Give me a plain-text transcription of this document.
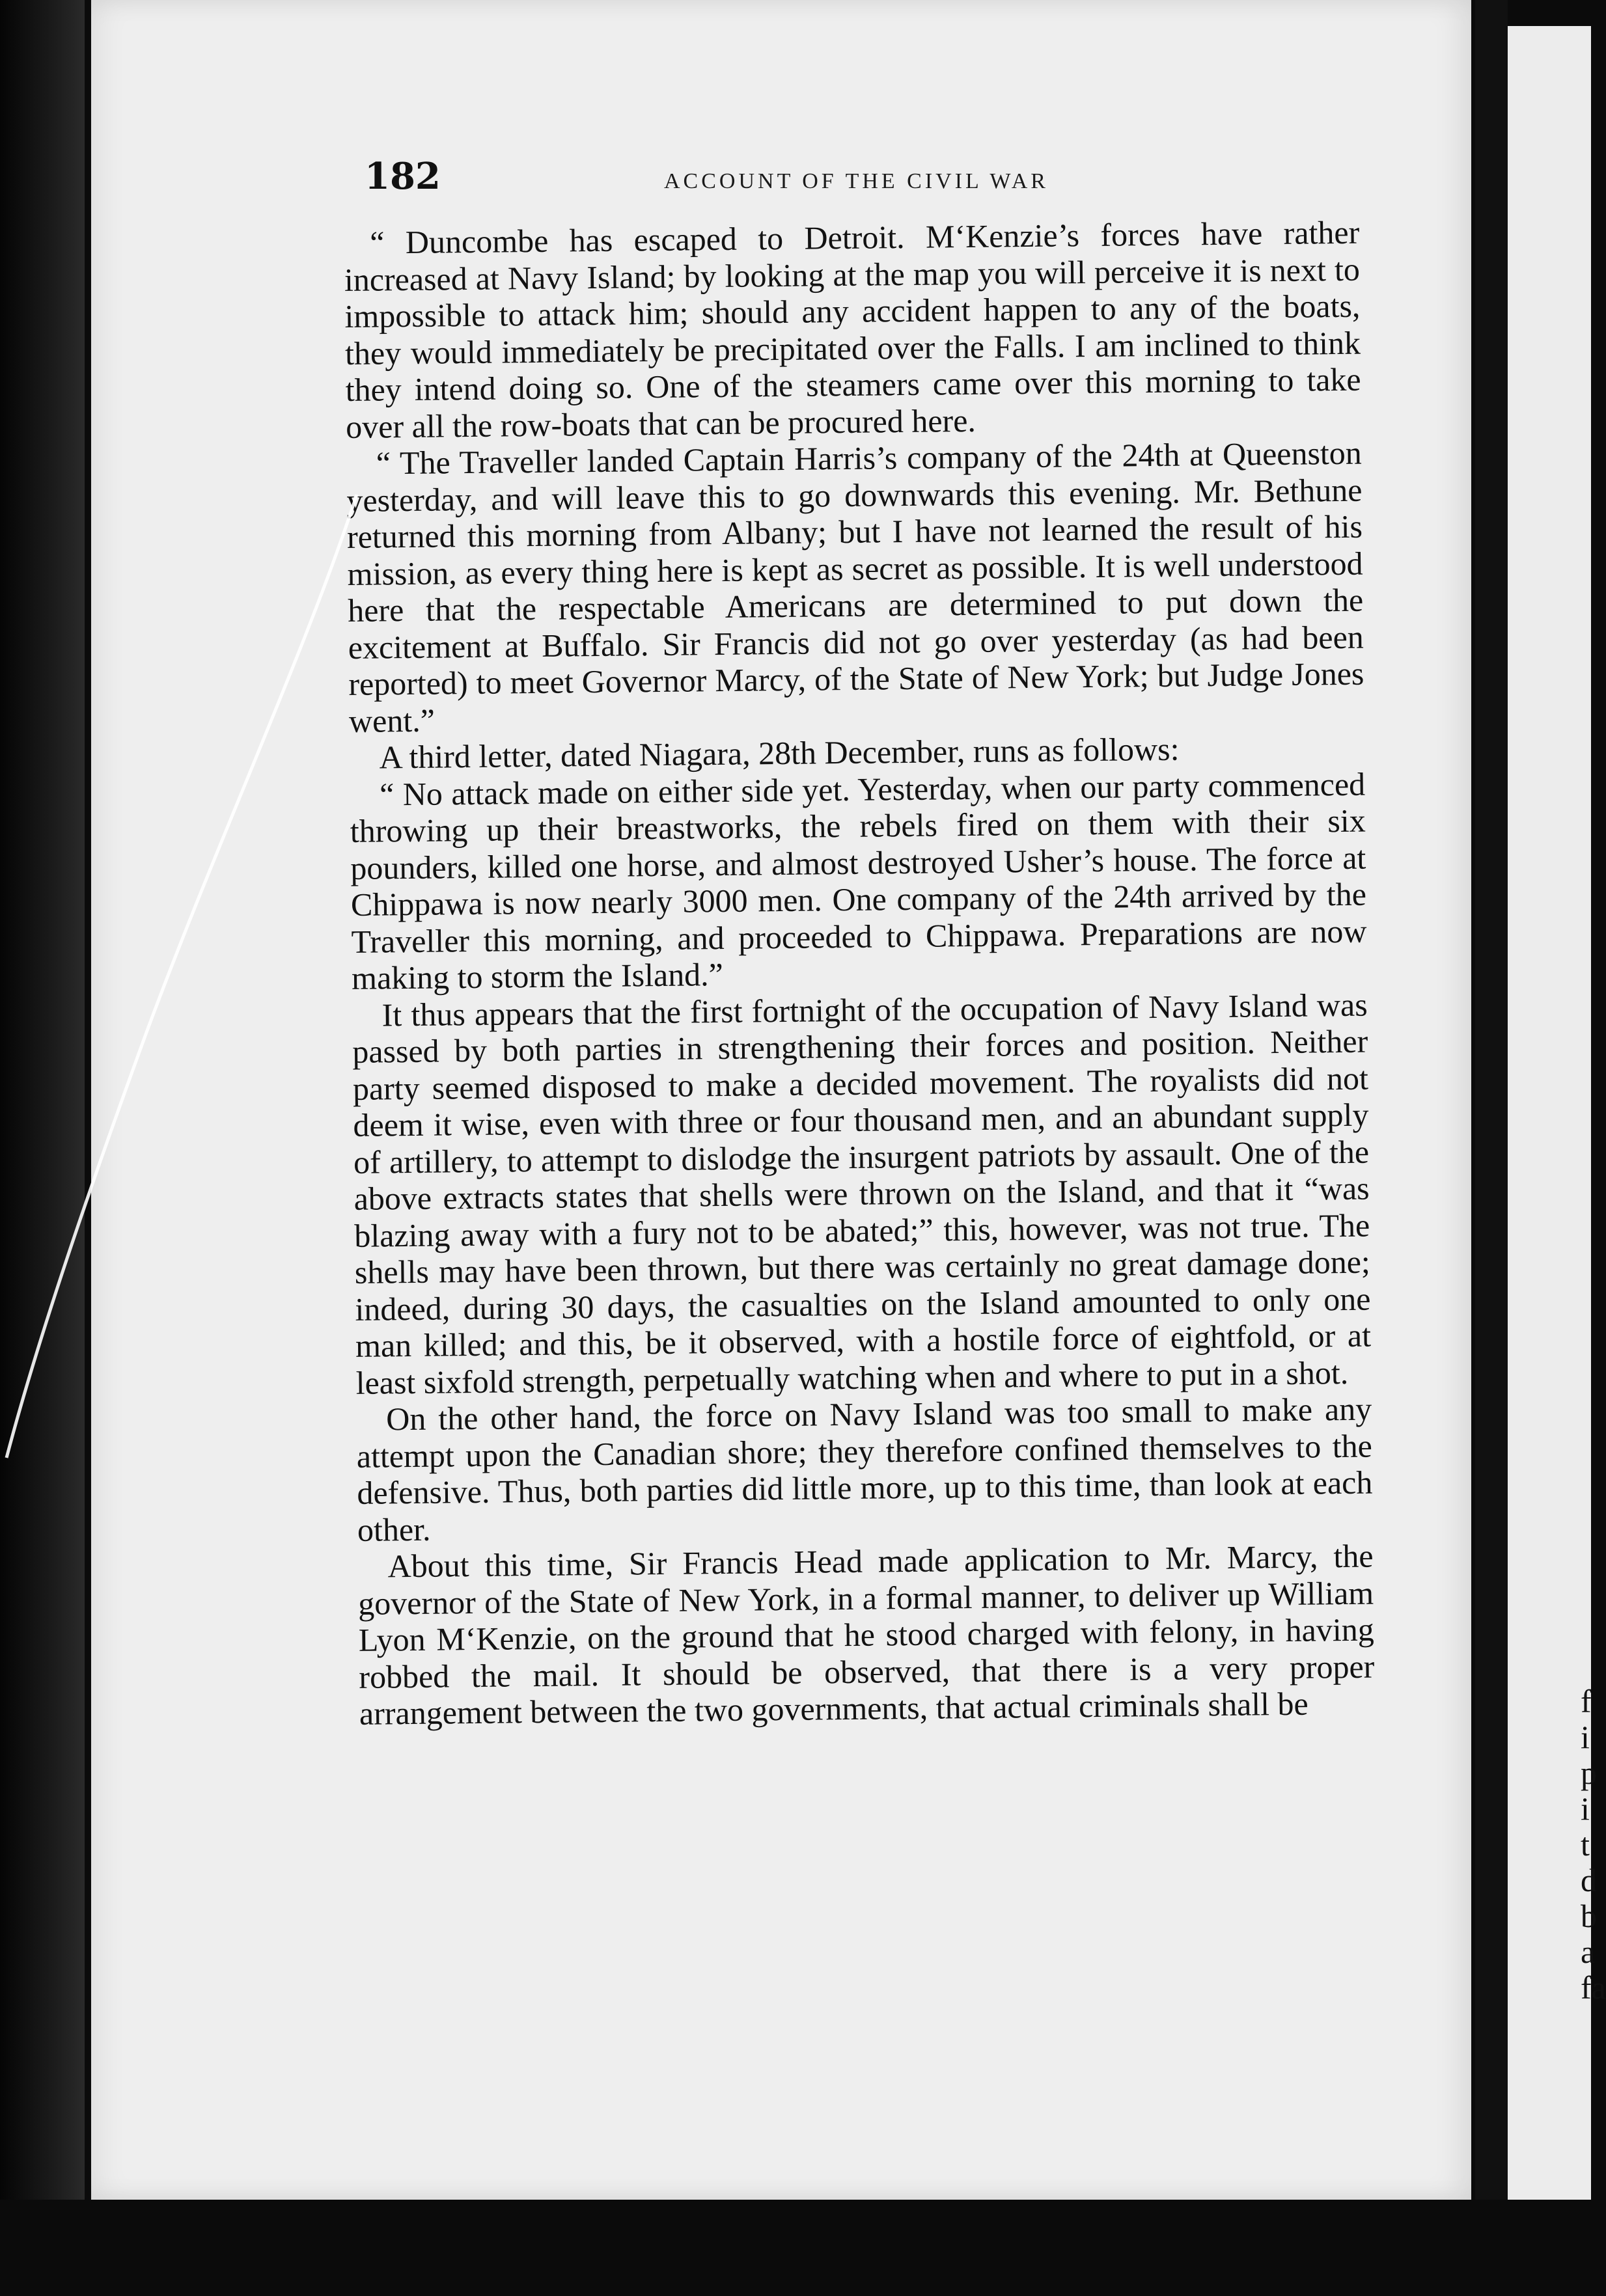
182	ACCOUNT OF THE CIVIL WAR

“ Duncombe has escaped to Detroit. M‘Kenzie’s forces have rather increased at Navy Island; by looking at the map you will perceive it is next to impossible to attack him; should any accident happen to any of the boats, they would immediately be precipitated over the Falls. I am inclined to think they intend doing so. One of the steamers came over this morning to take over all the row-boats that can be procured here.

“ The Traveller landed Captain Harris’s company of the 24th at Queenston yesterday, and will leave this to go downwards this evening. Mr. Bethune returned this morning from Albany; but I have not learned the result of his mission, as every thing here is kept as secret as possible. It is well understood here that the respectable Americans are determined to put down the excitement at Buffalo. Sir Francis did not go over yesterday (as had been reported) to meet Governor Marcy, of the State of New York; but Judge Jones went.”

A third letter, dated Niagara, 28th December, runs as follows:

“ No attack made on either side yet. Yesterday, when our party commenced throwing up their breastworks, the rebels fired on them with their six pounders, killed one horse, and almost destroyed Usher’s house. The force at Chippawa is now nearly 3000 men. One company of the 24th arrived by the Traveller this morning, and proceeded to Chippawa. Preparations are now making to storm the Island.”

It thus appears that the first fortnight of the occupation of Navy Island was passed by both parties in strengthening their forces and position. Neither party seemed disposed to make a decided movement. The royalists did not deem it wise, even with three or four thousand men, and an abundant supply of artillery, to attempt to dislodge the insurgent patriots by assault. One of the above extracts states that shells were thrown on the Island, and that it “was blazing away with a fury not to be abated;” this, however, was not true. The shells may have been thrown, but there was certainly no great damage done; indeed, during 30 days, the casualties on the Island amounted to only one man killed; and this, be it observed, with a hostile force of eightfold, or at least sixfold strength, perpetually watching when and where to put in a shot.

On the other hand, the force on Navy Island was too small to make any attempt upon the Canadian shore; they therefore confined themselves to the defensive. Thus, both parties did little more, up to this time, than look at each other.

About this time, Sir Francis Head made application to Mr. Marcy, the governor of the State of New York, in a formal manner, to deliver up William Lyon M‘Kenzie, on the ground that he stood charged with felony, in having robbed the mail. It should be observed, that there is a very proper arrangement between the two governments, that actual criminals shall be	f
i
p
i
t
d
b
a
fa
